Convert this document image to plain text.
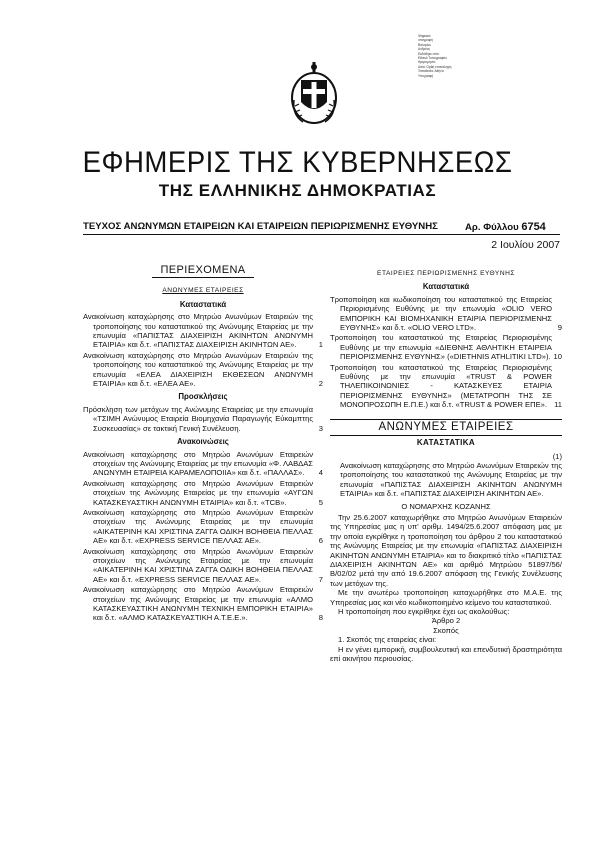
Ψηφιακά
υπογραφή
Βαλερίου
Ανδρέας
Εκδόθηκε από:
Εθνικό Τυπογραφείο
Ημερομηνία:
Αιτία: Ορθή επανάληψη
Τοποθεσία: Αθήνα
Υπογραφή
ΕΦΗΜΕΡΙΣ ΤΗΣ ΚΥΒΕΡΝΗΣΕΩΣ
ΤΗΣ ΕΛΛΗΝΙΚΗΣ ΔΗΜΟΚΡΑΤΙΑΣ
ΤΕΥΧΟΣ ΑΝΩΝΥΜΩΝ ΕΤΑΙΡΕΙΩΝ ΚΑΙ ΕΤΑΙΡΕΙΩΝ ΠΕΡΙΩΡΙΣΜΕΝΗΣ ΕΥΘΥΝΗΣ	Αρ. Φύλλου 6754
2 Ιουλίου 2007
ΠΕΡΙΕΧΟΜΕΝΑ
ΑΝΩΝΥΜΕΣ ΕΤΑΙΡΕΙΕΣ
Καταστατικά
Ανακοίνωση καταχώρησης στο Μητρώο Ανωνύμων Εταιρειών της τροποποίησης του καταστατικού της Ανώνυμης Εταιρείας με την επωνυμία «ΠΑΠΙΣΤΑΣ ΔΙΑΧΕΙΡΙΣΗ ΑΚΙΝΗΤΩΝ ΑΝΩΝΥΜΗ ΕΤΑΙΡΙΑ» και δ.τ. «ΠΑΠΙΣΤΑΣ ΔΙΑΧΕΙΡΙΣΗ ΑΚΙΝΗΤΩΝ ΑΕ».	1
Ανακοίνωση καταχώρησης στο Μητρώο Ανωνύμων Εταιρειών της τροποποίησης του καταστατικού της Ανώνυμης Εταιρείας με την επωνυμία «ΕΛΕΑ ΔΙΑΧΕΙΡΙΣΗ ΕΚΘΕΣΕΩΝ ΑΝΩΝΥΜΗ ΕΤΑΙΡΙΑ» και δ.τ. «ΕΛΕΑ ΑΕ».	2
Προσκλήσεις
Πρόσκληση των μετόχων της Ανώνυμης Εταιρείας με την επωνυμία «ΤΣΙΜΗ Ανώνυμος Εταιρεία Βιομηχανία Παραγωγής Εύκαμπτης Συσκευασίας» σε τακτική Γενική Συνέλευση.	3
Ανακοινώσεις
Ανακοίνωση καταχώρησης στο Μητρώο Ανωνύμων Εταιρειών στοιχείων της Ανώνυμης Εταιρείας με την επωνυμία «Φ. ΛΑΒΔΑΣ ΑΝΩΝΥΜΗ ΕΤΑΙΡΕΙΑ ΚΑΡΑΜΕΛΟΠΟΙΙΑ» και δ.τ. «ΠΑΛΛΑΣ».	4
Ανακοίνωση καταχώρησης στο Μητρώο Ανωνύμων Εταιρειών στοιχείων της Ανώνυμης Εταιρείας με την επωνυμία «ΑΥΓΩΝ ΚΑΤΑΣΚΕΥΑΣΤΙΚΗ ΑΝΩΝΥΜΗ ΕΤΑΙΡΙΑ» και δ.τ. «TCB».	5
Ανακοίνωση καταχώρησης στο Μητρώο Ανωνύμων Εταιρειών στοιχείων της Ανώνυμης Εταιρείας με την επωνυμία «ΑΙΚΑΤΕΡΙΝΗ ΚΑΙ ΧΡΙΣΤΙΝΑ ΖΑΓΓΑ ΟΔΙΚΗ ΒΟΗΘΕΙΑ ΠΕΛΛΑΣ ΑΕ» και δ.τ. «EXPRESS SERVICE ΠΕΛΛΑΣ ΑΕ».	6
Ανακοίνωση καταχώρησης στο Μητρώο Ανωνύμων Εταιρειών στοιχείων της Ανώνυμης Εταιρείας με την επωνυμία «ΑΙΚΑΤΕΡΙΝΗ ΚΑΙ ΧΡΙΣΤΙΝΑ ΖΑΓΓΑ ΟΔΙΚΗ ΒΟΗΘΕΙΑ ΠΕΛΛΑΣ ΑΕ» και δ.τ. «EXPRESS SERVICE ΠΕΛΛΑΣ ΑΕ».	7
Ανακοίνωση καταχώρησης στο Μητρώο Ανωνύμων Εταιρειών στοιχείων της Ανώνυμης Εταιρείας με την επωνυμία «ΑΛΜΟ ΚΑΤΑΣΚΕΥΑΣΤΙΚΗ ΑΝΩΝΥΜΗ ΤΕΧΝΙΚΗ ΕΜΠΟΡΙΚΗ ΕΤΑΙΡΙΑ» και δ.τ. «ΑΛΜΟ ΚΑΤΑΣΚΕΥΑΣΤΙΚΗ Α.Τ.Ε.Ε.».	8
ΕΤΑΙΡΕΙΕΣ ΠΕΡΙΩΡΙΣΜΕΝΗΣ ΕΥΘΥΝΗΣ
Καταστατικά
Τροποποίηση και κωδικοποίηση του καταστατικού της Εταιρείας Περιορισμένης Ευθύνης με την επωνυμία «OLIO VERO ΕΜΠΟΡΙΚΗ ΚΑΙ ΒΙΟΜΗΧΑΝΙΚΗ ΕΤΑΙΡΙΑ ΠΕΡΙΟΡΙΣΜΕΝΗΣ ΕΥΘΥΝΗΣ» και δ.τ. «OLIO VERO LTD».	9
Τροποποίηση του καταστατικού της Εταιρείας Περιορισμένης Ευθύνης με την επωνυμία «ΔΙΕΘΝΗΣ ΑΘΛΗΤΙΚΗ ΕΤΑΙΡΕΙΑ ΠΕΡΙΟΡΙΣΜΕΝΗΣ ΕΥΘΥΝΗΣ» («DIETHNIS ATHLITIKI LTD»). 10
Τροποποίηση του καταστατικού της Εταιρείας Περιορισμένης Ευθύνης με την επωνυμία «TRUST & POWER ΤΗΛΕΠΙΚΟΙΝΩΝΙΕΣ - ΚΑΤΑΣΚΕΥΕΣ ΕΤΑΙΡΙΑ ΠΕΡΙΟΡΙΣΜΕΝΗΣ ΕΥΘΥΝΗΣ» (ΜΕΤΑΤΡΟΠΗ ΤΗΣ ΣΕ ΜΟΝΟΠΡΟΣΩΠΗ Ε.Π.Ε.) και δ.τ. «TRUST & POWER ΕΠΕ». 11
ΑΝΩΝΥΜΕΣ ΕΤΑΙΡΕΙΕΣ
ΚΑΤΑΣΤΑΤΙΚΑ
(1)
Ανακοίνωση καταχώρησης στο Μητρώο Ανωνύμων Εταιρειών της τροποποίησης του καταστατικού της Ανώνυμης Εταιρείας με την επωνυμία «ΠΑΠΙΣΤΑΣ ΔΙΑΧΕΙΡΙΣΗ ΑΚΙΝΗΤΩΝ ΑΝΩΝΥΜΗ ΕΤΑΙΡΙΑ» και δ.τ. «ΠΑΠΙΣΤΑΣ ΔΙΑΧΕΙΡΙΣΗ ΑΚΙΝΗΤΩΝ ΑΕ».
Ο ΝΟΜΑΡΧΗΣ ΚΟΖΑΝΗΣ
Την 25.6.2007 καταχωρήθηκε στο Μητρώο Ανωνύμων Εταιρειών της Υπηρεσίας μας η υπ' αριθμ. 1494/25.6.2007 απόφαση μας με την οποία εγκρίθηκε η τροποποίηση του άρθρου 2 του καταστατικού της Ανώνυμης Εταιρείας με την επωνυμία «ΠΑΠΙΣΤΑΣ ΔΙΑΧΕΙΡΙΣΗ ΑΚΙΝΗΤΩΝ ΑΝΩΝΥΜΗ ΕΤΑΙΡΙΑ» και το διακριτικό τίτλο «ΠΑΠΙΣΤΑΣ ΔΙΑΧΕΙΡΙΣΗ ΑΚΙΝΗΤΩΝ ΑΕ» και αριθμό Μητρώου 51897/56/Β/02/02 μετά την από 19.6.2007 απόφαση της Γενικής Συνέλευσης των μετόχων της.
Με την ανωτέρω τροποποίηση καταχωρήθηκε στο Μ.Α.Ε. της Υπηρεσίας μας και νέο κωδικοποιημένο κείμενο του καταστατικού.
Η τροποποίηση που εγκρίθηκε έχει ως ακολούθως:
Άρθρο 2
Σκοπός
1. Σκοπός της εταιρείας είναι:
Η εν γένει εμπορική, συμβουλευτική και επενδυτική δραστηριότητα επί ακινήτου περιουσίας.
